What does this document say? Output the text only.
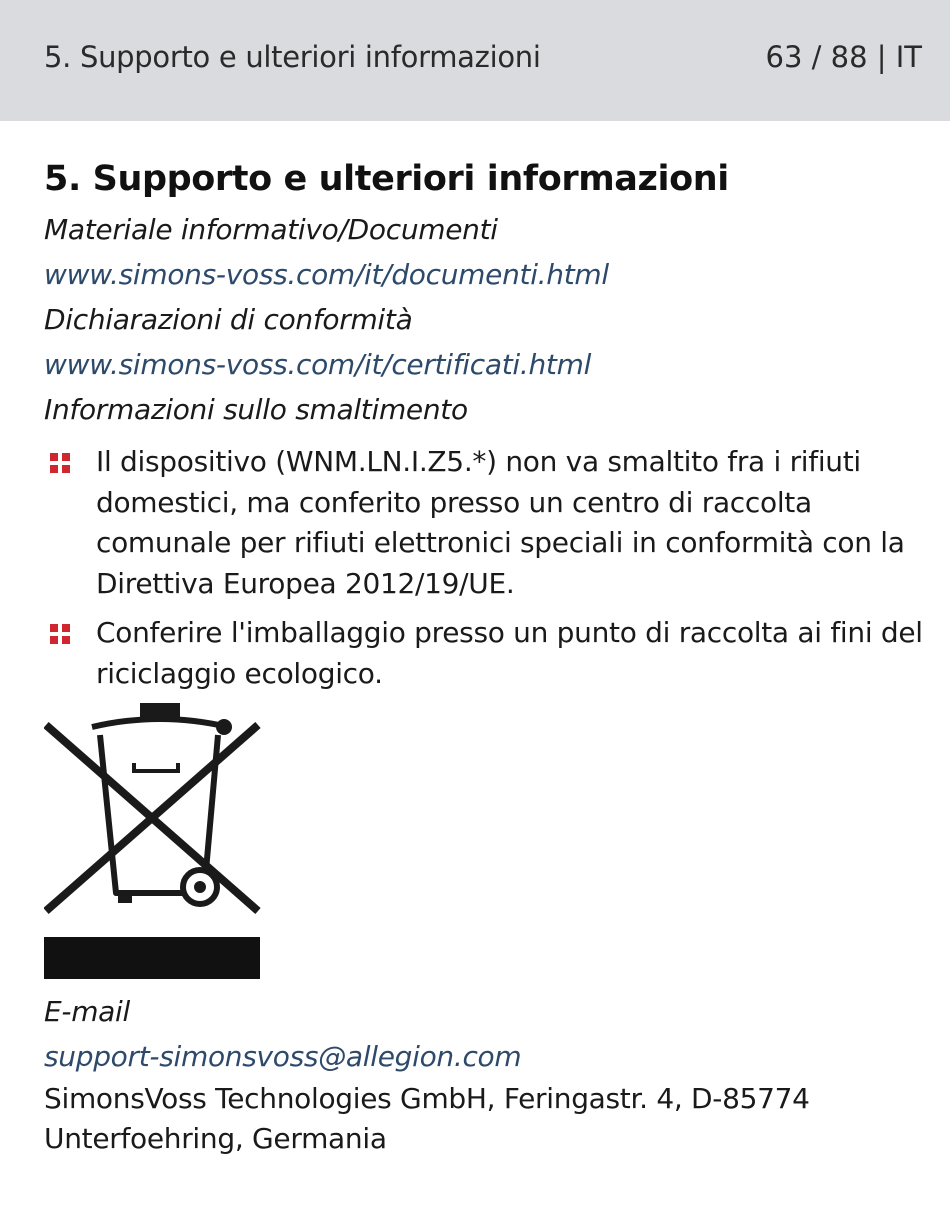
5. Supporto e ulteriori informazioni	63 / 88 | IT
5. Supporto e ulteriori informazioni
Materiale informativo/Documenti
www.simons-voss.com/it/documenti.html
Dichiarazioni di conformità
www.simons-voss.com/it/certificati.html
Informazioni sullo smaltimento
Il dispositivo (WNM.LN.I.Z5.*) non va smaltito fra i rifiuti domestici, ma conferito presso un centro di raccolta comunale per rifiuti elettronici speciali in conformità con la Direttiva Europea 2012/19/UE.
Conferire l'imballaggio presso un punto di raccolta ai fini del riciclaggio ecologico.
E-mail
support-simonsvoss@allegion.com
SimonsVoss Technologies GmbH, Feringastr. 4, D-85774
Unterfoehring, Germania
